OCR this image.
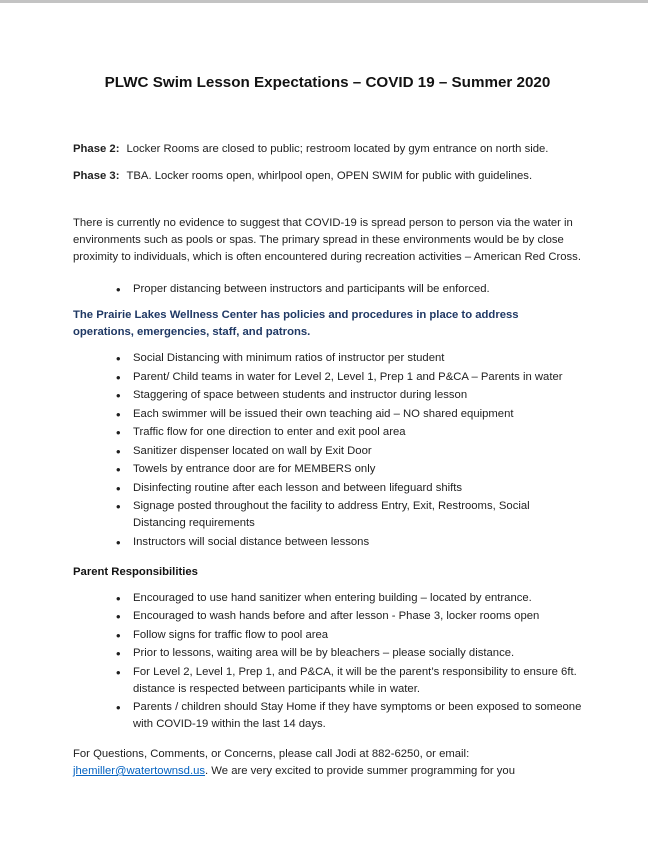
PLWC Swim Lesson Expectations – COVID 19 – Summer 2020

Phase 2: Locker Rooms are closed to public; restroom located by gym entrance on north side.

Phase 3: TBA. Locker rooms open, whirlpool open, OPEN SWIM for public with guidelines.

There is currently no evidence to suggest that COVID-19 is spread person to person via the water in environments such as pools or spas. The primary spread in these environments would be by close proximity to individuals, which is often encountered during recreation activities – American Red Cross.

• Proper distancing between instructors and participants will be enforced.

The Prairie Lakes Wellness Center has policies and procedures in place to address operations, emergencies, staff, and patrons.

• Social Distancing with minimum ratios of instructor per student
• Parent/ Child teams in water for Level 2, Level 1, Prep 1 and P&CA – Parents in water
• Staggering of space between students and instructor during lesson
• Each swimmer will be issued their own teaching aid – NO shared equipment
• Traffic flow for one direction to enter and exit pool area
• Sanitizer dispenser located on wall by Exit Door
• Towels by entrance door are for MEMBERS only
• Disinfecting routine after each lesson and between lifeguard shifts
• Signage posted throughout the facility to address Entry, Exit, Restrooms, Social Distancing requirements
• Instructors will social distance between lessons

Parent Responsibilities

• Encouraged to use hand sanitizer when entering building – located by entrance.
• Encouraged to wash hands before and after lesson - Phase 3, locker rooms open
• Follow signs for traffic flow to pool area
• Prior to lessons, waiting area will be by bleachers – please socially distance.
• For Level 2, Level 1, Prep 1, and P&CA, it will be the parent’s responsibility to ensure 6ft. distance is respected between participants while in water.
• Parents / children should Stay Home if they have symptoms or been exposed to someone with COVID-19 within the last 14 days.

For Questions, Comments, or Concerns, please call Jodi at 882-6250, or email:
jhemiller@watertownsd.us. We are very excited to provide summer programming for you
